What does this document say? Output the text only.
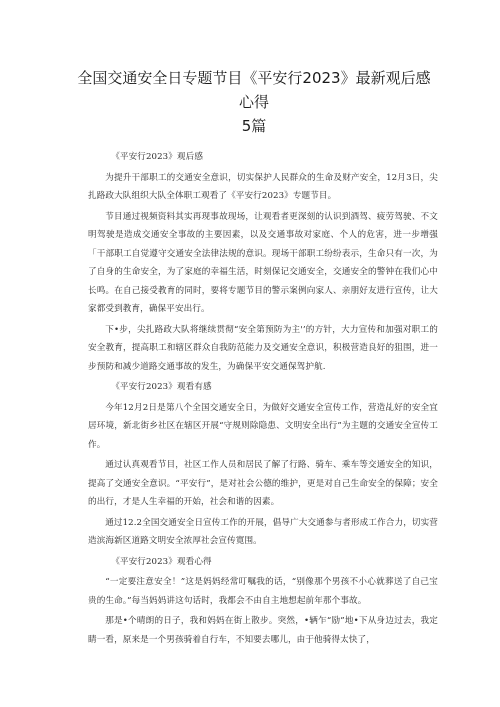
全国交通安全日专题节目《平安行2023》最新观后感心得
5篇

《平安行2023》观后感

为提升干部职工的交通安全意识，切实保护人民群众的生命及财产安全，12月3日，尖扎路政大队组织大队全体职工观看了《平安行2023》专题节目。

节目通过视频资料其实再现事故现场，让观看者更深刻的认识到酒驾、疲劳驾驶、不文明驾驶是造成交通安全事故的主要因素，以及交通事故对家庭、个人的危害，进一步增强「干部职工自觉遵守交通安全法律法规的意识。现场干部职工纷纷表示，生命只有一次，为了自身的生命安全，为了家庭的幸福生活，时刻保记交通安全，交通安全的警钟在我们心中长鸣。在自己接受教育的同时，要将专题节目的警示案例向家人、亲朋好友进行宣传，让大家都受到教育，确保平安出行。

下•步，尖扎路政大队将继续贯彻“安全第预防为主'’的方针，大力宣传和加强对职工的安全教育，提高职工和辖区群众自我防范能力及交通安全意识，积极营造良好的狙围，进一步预防和减少道路交通事故的发生，为确保平安交通保驾护航.

《平安行2023》观看有感

今年12月2日是第八个全国交通安全日，为做好交通安全宣传工作，营造乩好的安全宜居环境，新北街乡社区在辖区开展“守规则除隐患、文明安全出行”为主题的交通安全宣传工作。

通过认真观看节目，社区工作人员和居民了解了行路、骑车、乘车等交通安全的知识，提高了交通安全意识。“平安行”，是对社会公德的维护，更是对自己生命安全的保障；安全的出行，才是人生幸福的开始，社会和谐的因素。

通过12.2全国交通安全日宣传工作的开展，倡导广大交通参与者形成工作合力，切实营造滨海新区道路文明安全浓厚社会宣传寛围。

《平安行2023》观看心得

“一定要注意安全！”这是妈妈经常叮嘱我的话，“别像那个男孩不小心就葬送了自己宝贵的生命。”每当妈妈讲这句话时，我都会不由自主地想起前年那个事故。

那是•个晴朗的日子，我和妈妈在街上散步。突然，•辆乍“励”地•下从身边过去，我定睛一看，原来是一个男孩骑着自行车，不知要去哪儿，由于他骑得太快了，
